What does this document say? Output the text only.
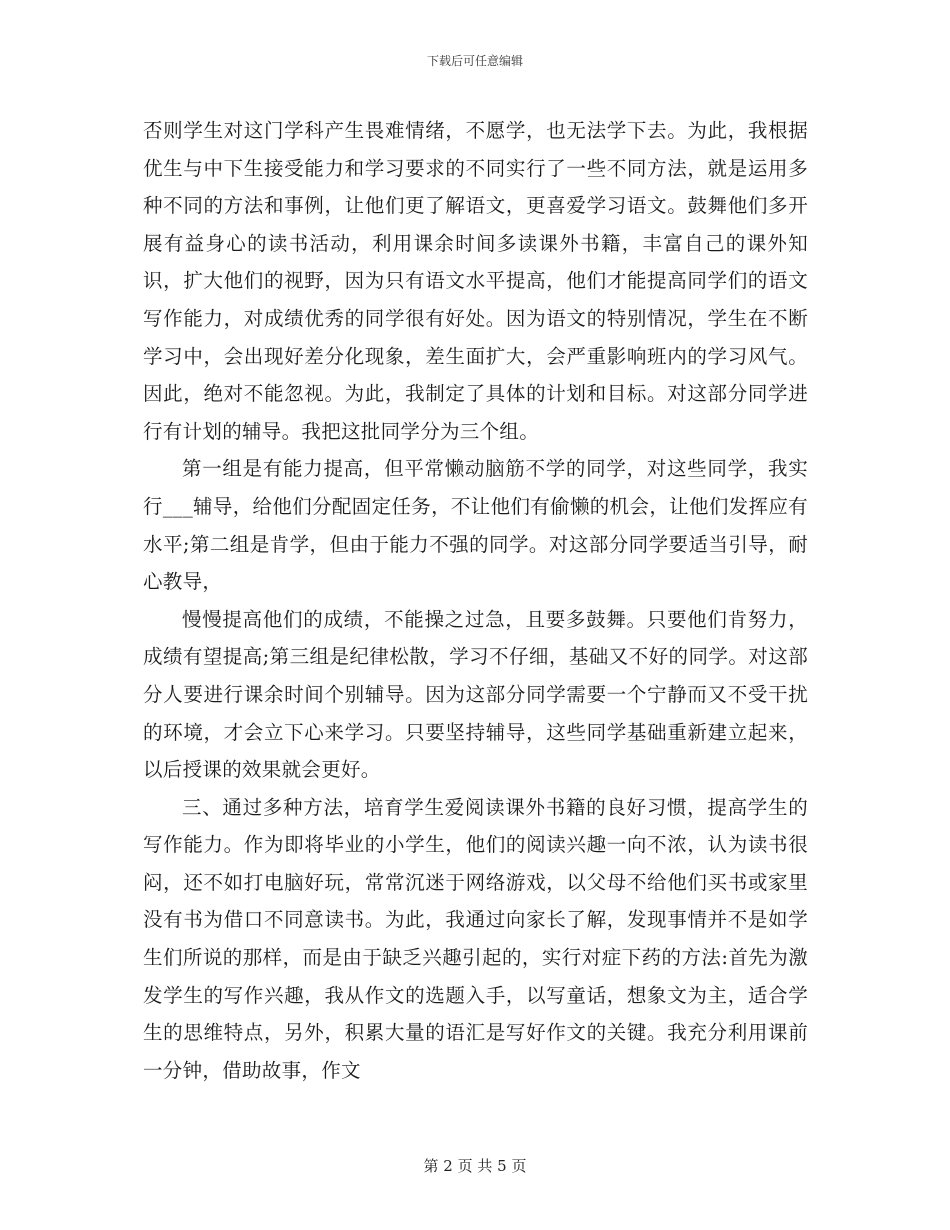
下载后可任意编辑

否则学生对这门学科产生畏难情绪，不愿学，也无法学下去。为此，我根据优生与中下生接受能力和学习要求的不同实行了一些不同方法，就是运用多种不同的方法和事例，让他们更了解语文，更喜爱学习语文。鼓舞他们多开展有益身心的读书活动，利用课余时间多读课外书籍，丰富自己的课外知识，扩大他们的视野，因为只有语文水平提高，他们才能提高同学们的语文写作能力，对成绩优秀的同学很有好处。因为语文的特别情况，学生在不断学习中，会出现好差分化现象，差生面扩大，会严重影响班内的学习风气。因此，绝对不能忽视。为此，我制定了具体的计划和目标。对这部分同学进行有计划的辅导。我把这批同学分为三个组。

第一组是有能力提高，但平常懒动脑筋不学的同学，对这些同学，我实行___辅导，给他们分配固定任务，不让他们有偷懒的机会，让他们发挥应有水平;第二组是肯学，但由于能力不强的同学。对这部分同学要适当引导，耐心教导，

慢慢提高他们的成绩，不能操之过急，且要多鼓舞。只要他们肯努力，成绩有望提高;第三组是纪律松散，学习不仔细，基础又不好的同学。对这部分人要进行课余时间个别辅导。因为这部分同学需要一个宁静而又不受干扰的环境，才会立下心来学习。只要坚持辅导，这些同学基础重新建立起来，以后授课的效果就会更好。

三、通过多种方法，培育学生爱阅读课外书籍的良好习惯，提高学生的写作能力。作为即将毕业的小学生，他们的阅读兴趣一向不浓，认为读书很闷，还不如打电脑好玩，常常沉迷于网络游戏，以父母不给他们买书或家里没有书为借口不同意读书。为此，我通过向家长了解，发现事情并不是如学生们所说的那样，而是由于缺乏兴趣引起的，实行对症下药的方法:首先为激发学生的写作兴趣，我从作文的选题入手，以写童话，想象文为主，适合学生的思维特点，另外，积累大量的语汇是写好作文的关键。我充分利用课前一分钟，借助故事，作文

第 2 页 共 5 页
